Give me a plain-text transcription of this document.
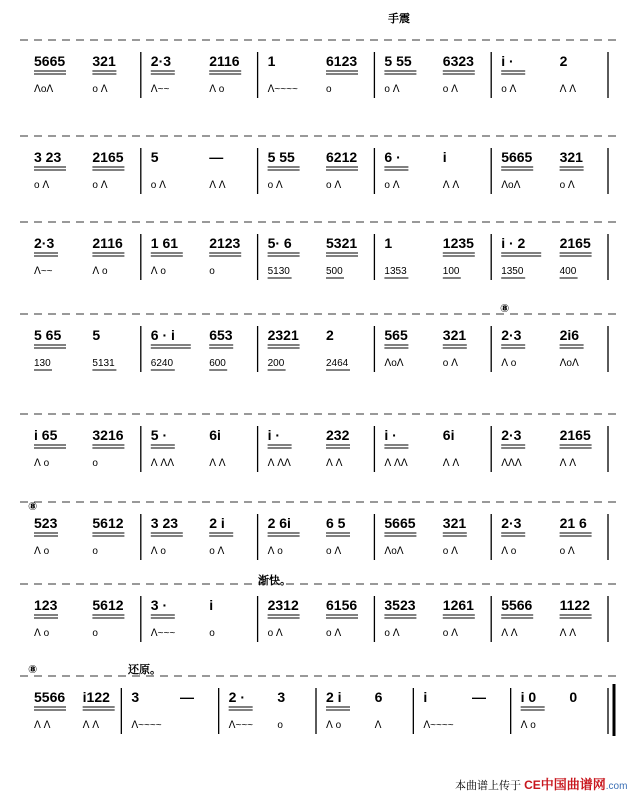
5665
ᐱoᐱ
321
o ᐱ
2·3
ᐱ~~
2116
ᐱ o
1
ᐱ~~~~
6123
o
5 55
o ᐱ
6323
o ᐱ
i ·
o ᐱ
2
ᐱ ᐱ
3 23
o ᐱ
2165
o ᐱ
5
o ᐱ
—
ᐱ ᐱ
5 55
o ᐱ
6212
o ᐱ
6 ·
o ᐱ
i
ᐱ ᐱ
5665
ᐱoᐱ
321
o ᐱ
2·3
ᐱ~~
2116
ᐱ o
1 61
ᐱ o
2123
o
5· 6
5130
5321
500
1
1353
1235
100
i · 2
1350
2165
400
5 65
130
5
5131
6 · i
6240
653
600
2321
200
2
2464
565
ᐱoᐱ
321
o ᐱ
2·3
ᐱ o
2i6
ᐱoᐱ
i 65
ᐱ o
3216
o
5 ·
ᐱ ᐱᐱ
6i
ᐱ ᐱ
i ·
ᐱ ᐱᐱ
232
ᐱ ᐱ
i ·
ᐱ ᐱᐱ
6i
ᐱ ᐱ
2·3
ᐱᐱᐱ
2165
ᐱ ᐱ
523
ᐱ o
5612
o
3 23
ᐱ o
2 i
o ᐱ
2 6i
ᐱ o
6 5
o ᐱ
5665
ᐱoᐱ
321
o ᐱ
2·3
ᐱ o
21 6
o ᐱ
123
ᐱ o
5612
o
3 ·
ᐱ~~~
i
o
2312
o ᐱ
6156
o ᐱ
3523
o ᐱ
1261
o ᐱ
5566
ᐱ ᐱ
1122
ᐱ ᐱ
5566
ᐱ ᐱ
i122
ᐱ ᐱ
3
ᐱ~~~~
— 2 ·
ᐱ~~~
3
o
2 i
ᐱ o
6
ᐱ
i
ᐱ~~~~
— i 0
ᐱ o
0
手震
⑧
⑧
渐快。
⑧	还原。
本曲谱上传于 CE中国曲谱网.com
